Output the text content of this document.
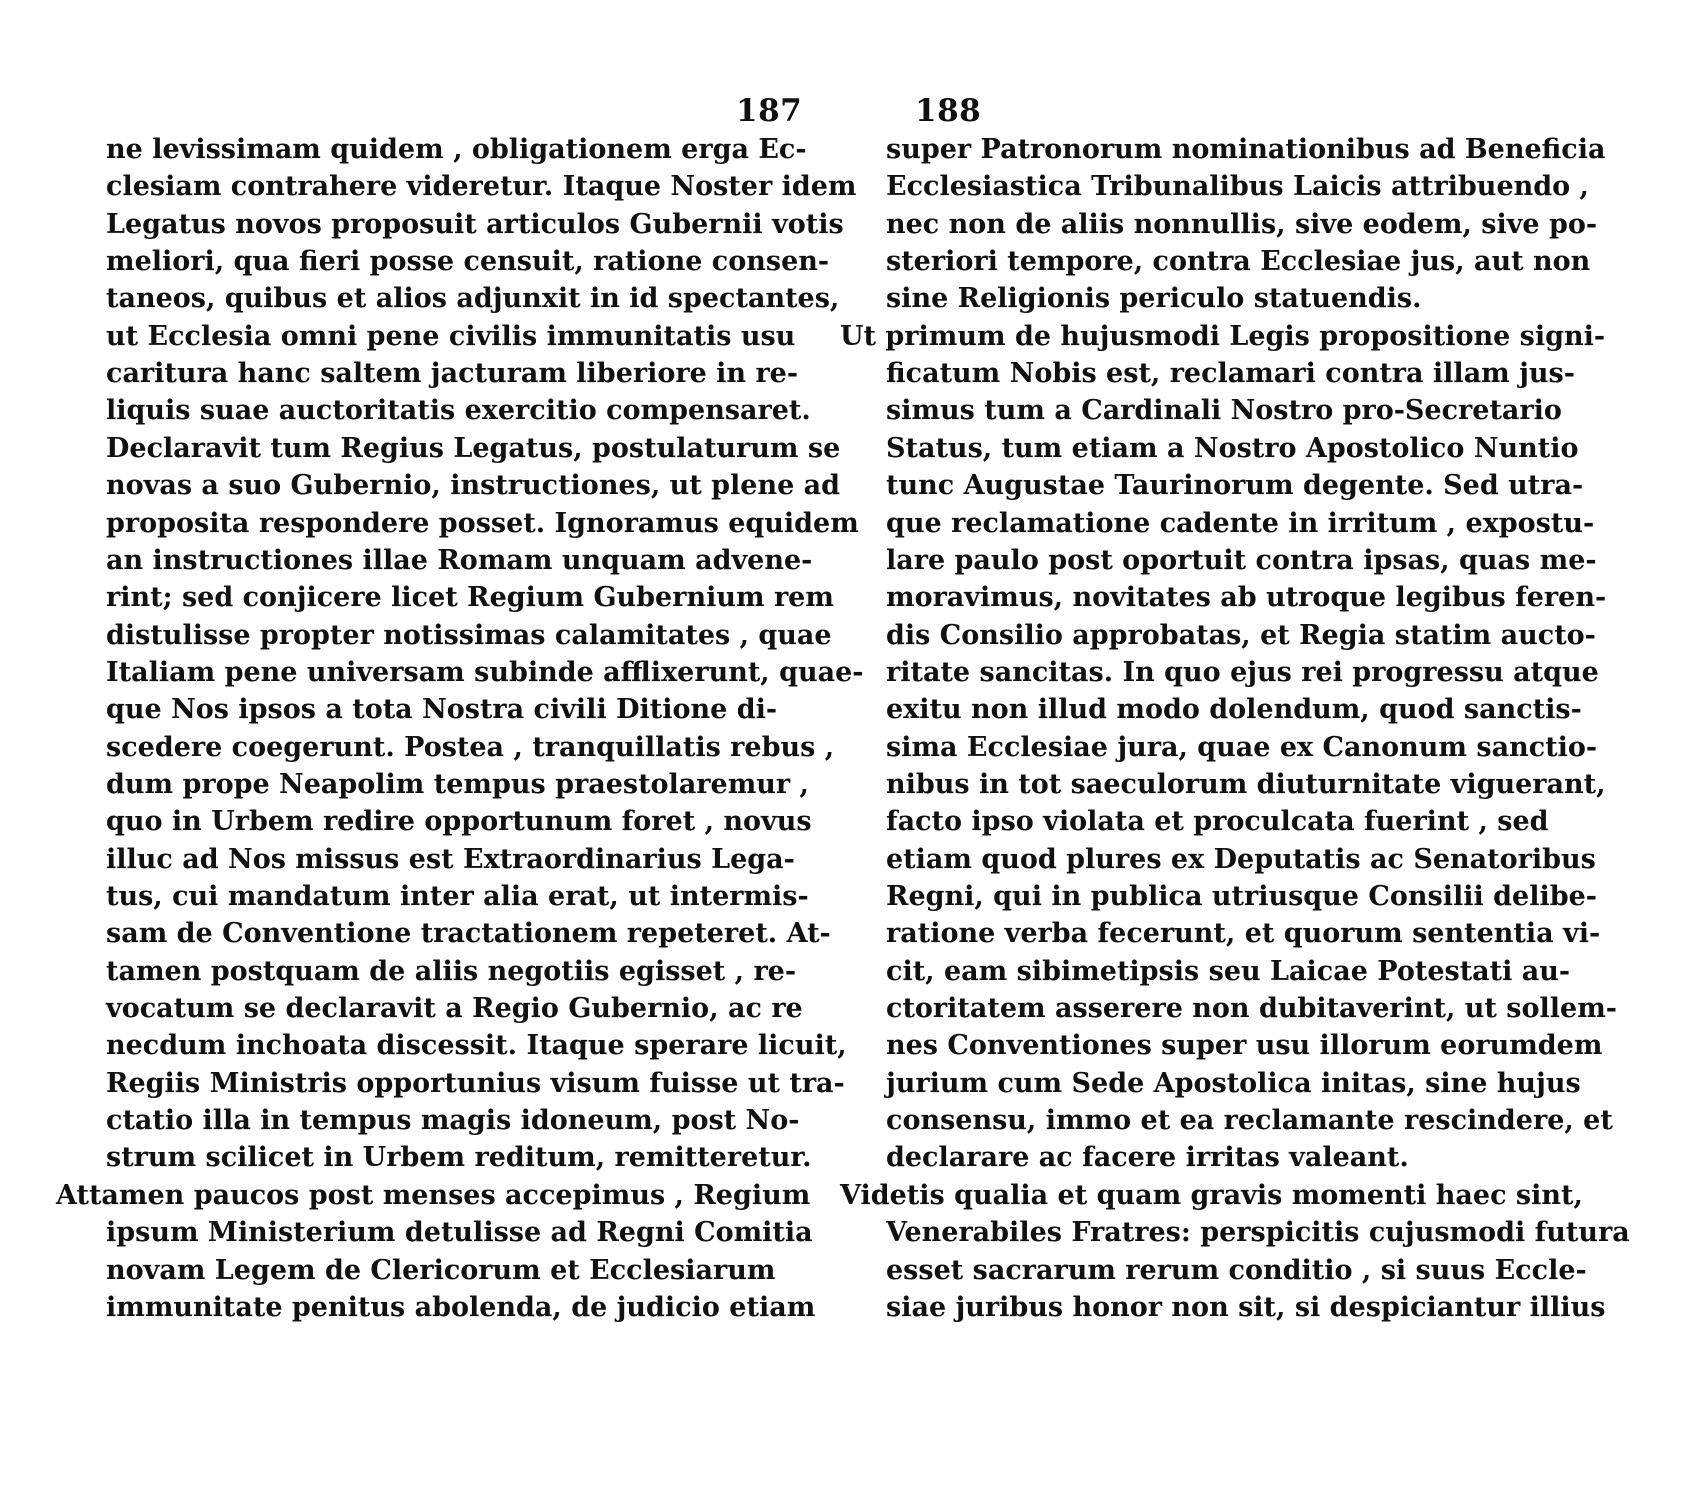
187
ne levissimam quidem , obligationem erga Ec-
clesiam contrahere videretur. Itaque Noster idem
Legatus novos proposuit articulos Gubernii votis
meliori, qua fieri posse censuit, ratione consen-
taneos, quibus et alios adjunxit in id spectantes,
ut Ecclesia omni pene civilis immunitatis usu
caritura hanc saltem jacturam liberiore in re-
liquis suae auctoritatis exercitio compensaret.
Declaravit tum Regius Legatus, postulaturum se
novas a suo Gubernio, instructiones, ut plene ad
proposita respondere posset. Ignoramus equidem
an instructiones illae Romam unquam advene-
rint; sed conjicere licet Regium Gubernium rem
distulisse propter notissimas calamitates , quae
Italiam pene universam subinde afflixerunt, quae-
que Nos ipsos a tota Nostra civili Ditione di-
scedere coegerunt. Postea , tranquillatis rebus ,
dum prope Neapolim tempus praestolaremur ,
quo in Urbem redire opportunum foret , novus
illuc ad Nos missus est Extraordinarius Lega-
tus, cui mandatum inter alia erat, ut intermis-
sam de Conventione tractationem repeteret. At-
tamen postquam de aliis negotiis egisset , re-
vocatum se declaravit a Regio Gubernio, ac re
necdum inchoata discessit. Itaque sperare licuit,
Regiis Ministris opportunius visum fuisse ut tra-
ctatio illa in tempus magis idoneum, post No-
strum scilicet in Urbem reditum, remitteretur.
Attamen paucos post menses accepimus , Regium
ipsum Ministerium detulisse ad Regni Comitia
novam Legem de Clericorum et Ecclesiarum
immunitate penitus abolenda, de judicio etiam
188
super Patronorum nominationibus ad Beneficia
Ecclesiastica Tribunalibus Laicis attribuendo ,
nec non de aliis nonnullis, sive eodem, sive po-
steriori tempore, contra Ecclesiae jus, aut non
sine Religionis periculo statuendis.
Ut primum de hujusmodi Legis propositione signi-
ficatum Nobis est, reclamari contra illam jus-
simus tum a Cardinali Nostro pro-Secretario
Status, tum etiam a Nostro Apostolico Nuntio
tunc Augustae Taurinorum degente. Sed utra-
que reclamatione cadente in irritum , expostu-
lare paulo post oportuit contra ipsas, quas me-
moravimus, novitates ab utroque legibus feren-
dis Consilio approbatas, et Regia statim aucto-
ritate sancitas. In quo ejus rei progressu atque
exitu non illud modo dolendum, quod sanctis-
sima Ecclesiae jura, quae ex Canonum sanctio-
nibus in tot saeculorum diuturnitate viguerant,
facto ipso violata et proculcata fuerint , sed
etiam quod plures ex Deputatis ac Senatoribus
Regni, qui in publica utriusque Consilii delibe-
ratione verba fecerunt, et quorum sententia vi-
cit, eam sibimetipsis seu Laicae Potestati au-
ctoritatem asserere non dubitaverint, ut sollem-
nes Conventiones super usu illorum eorumdem
jurium cum Sede Apostolica initas, sine hujus
consensu, immo et ea reclamante rescindere, et
declarare ac facere irritas valeant.
Videtis qualia et quam gravis momenti haec sint,
Venerabiles Fratres: perspicitis cujusmodi futura
esset sacrarum rerum conditio , si suus Eccle-
siae juribus honor non sit, si despiciantur illius
